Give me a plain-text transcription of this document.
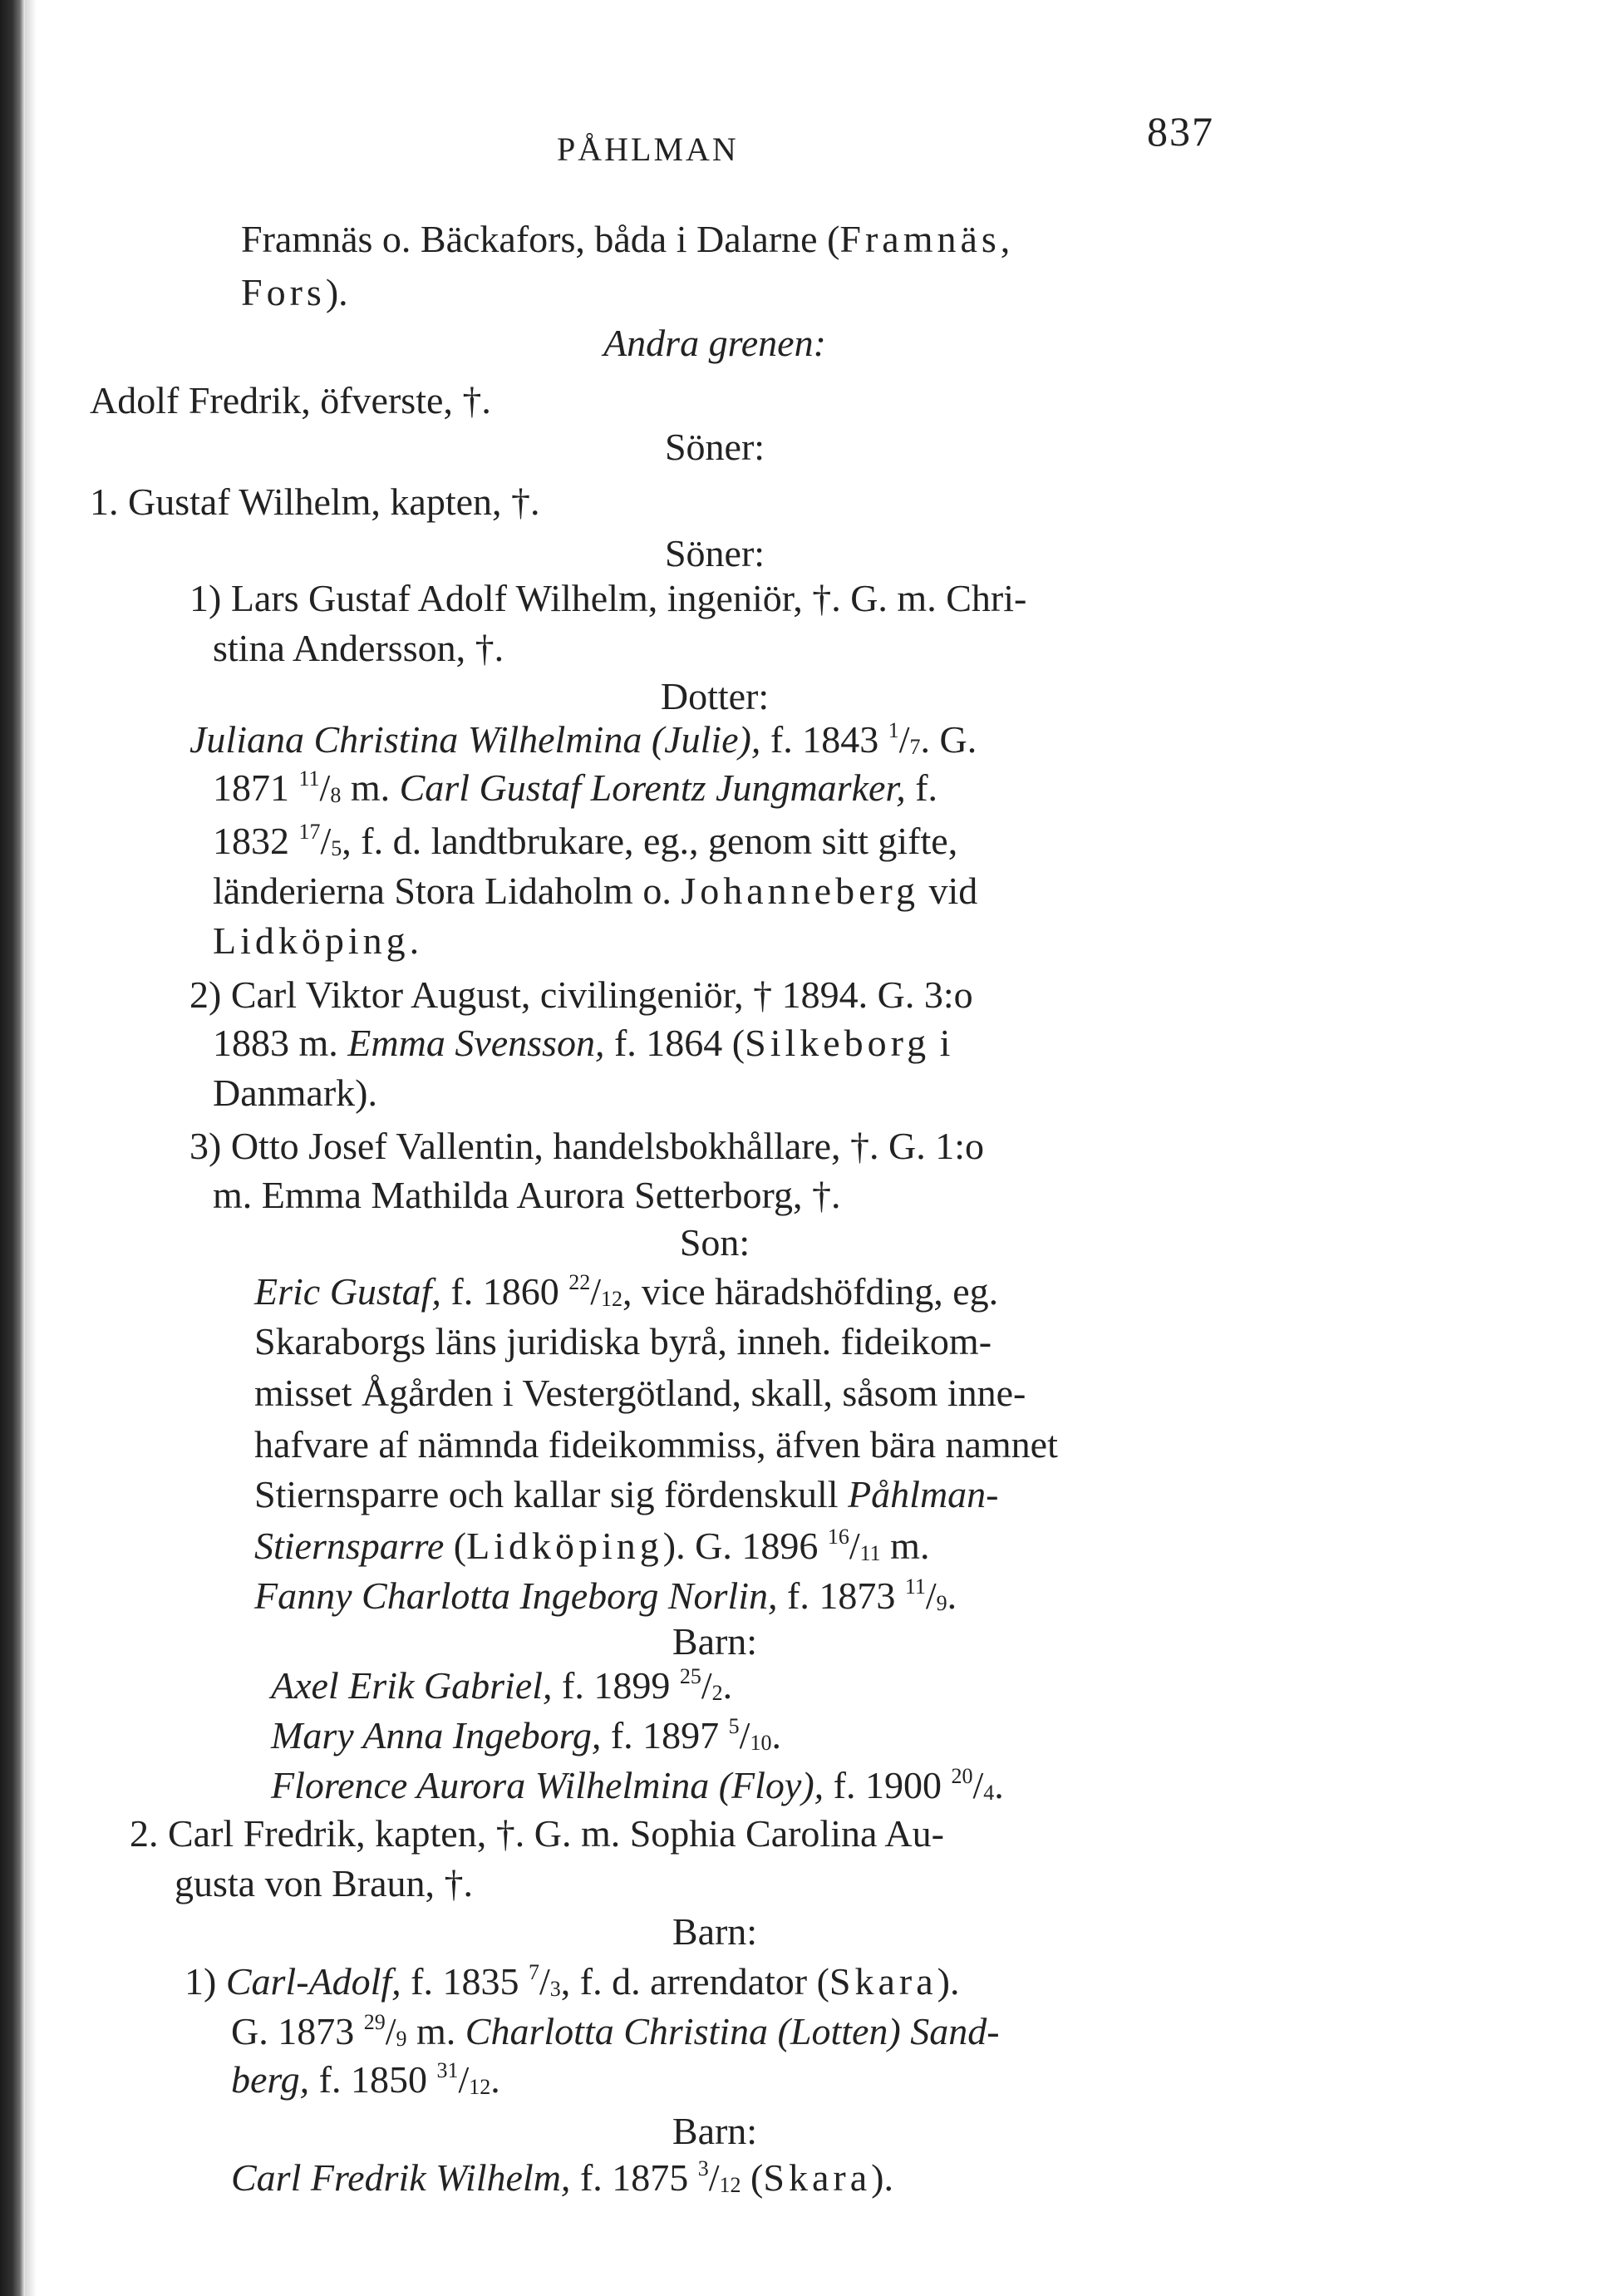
PÅHLMAN	837
Framnäs o. Bäckafors, båda i Dalarne (Framnäs,
Fors).
Andra grenen:
Adolf Fredrik, öfverste, †.
Söner:
1. Gustaf Wilhelm, kapten, †.
Söner:
1) Lars Gustaf Adolf Wilhelm, ingeniör, †. G. m. Chri-
stina Andersson, †.
Dotter:
Juliana Christina Wilhelmina (Julie), f. 1843 $^1/_7$. G.
1871 $^{11}/_8$ m. Carl Gustaf Lorentz Jungmarker, f.
1832 $^{17}/_5$, f. d. landtbrukare, eg., genom sitt gifte,
länderierna Stora Lidaholm o. Johanneberg vid
Lidköping.
2) Carl Viktor August, civilingeniör, † 1894. G. 3:o
1883 m. Emma Svensson, f. 1864 (Silkeborg i
Danmark).
3) Otto Josef Vallentin, handelsbokhållare, †. G. 1:o
m. Emma Mathilda Aurora Setterborg, †.
Son:
Eric Gustaf, f. 1860 $^{22}/_{12}$, vice häradshöfding, eg.
Skaraborgs läns juridiska byrå, inneh. fideikom-
misset Ågården i Vestergötland, skall, såsom inne-
hafvare af nämnda fideikommiss, äfven bära namnet
Stiernsparre och kallar sig fördenskull Påhlman-
Stiernsparre (Lidköping). G. 1896 $^{16}/_{11}$ m.
Fanny Charlotta Ingeborg Norlin, f. 1873 $^{11}/_9$.
Barn:
Axel Erik Gabriel, f. 1899 $^{25}/_2$.
Mary Anna Ingeborg, f. 1897 $^5/_{10}$.
Florence Aurora Wilhelmina (Floy), f. 1900 $^{20}/_4$.
2. Carl Fredrik, kapten, †. G. m. Sophia Carolina Au-
gusta von Braun, †.
Barn:
1) Carl-Adolf, f. 1835 $^7/_3$, f. d. arrendator (Skara).
G. 1873 $^{29}/_9$ m. Charlotta Christina (Lotten) Sand-
berg, f. 1850 $^{31}/_{12}$.
Barn:
Carl Fredrik Wilhelm, f. 1875 $^3/_{12}$ (Skara).
